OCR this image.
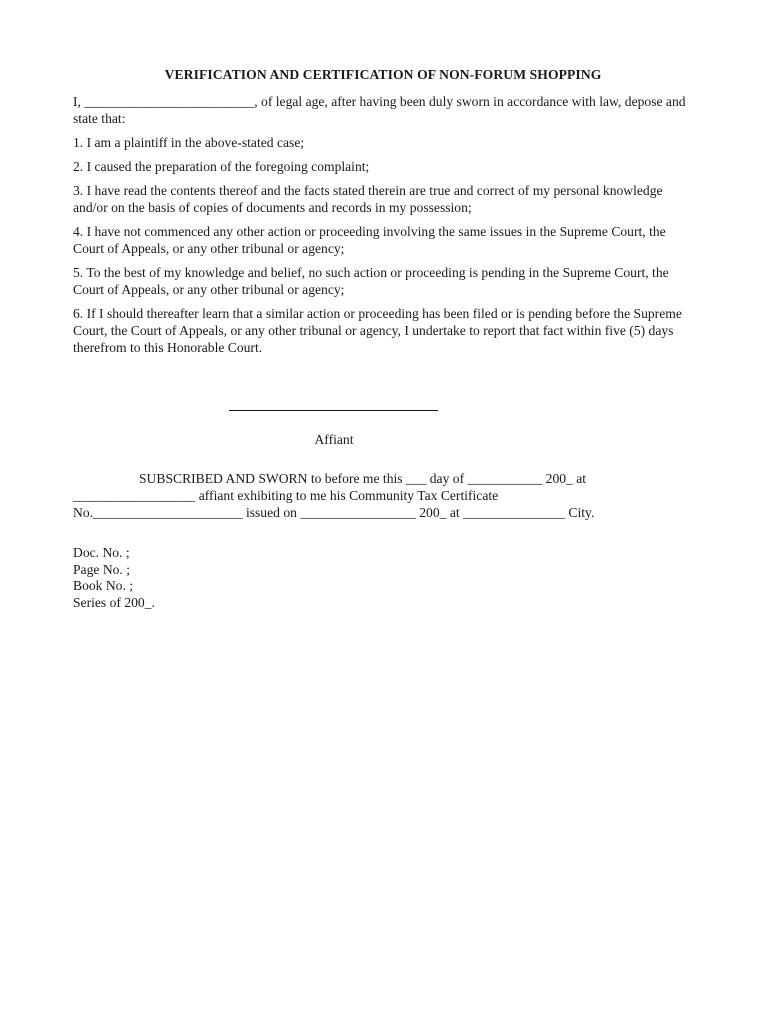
VERIFICATION AND CERTIFICATION OF NON-FORUM SHOPPING
I, _________________________, of legal age, after having been duly sworn in accordance with law, depose and state that:
1. I am a plaintiff in the above-stated case;
2. I caused the preparation of the foregoing complaint;
3. I have read the contents thereof and the facts stated therein are true and correct of my personal knowledge and/or on the basis of copies of documents and records in my possession;
4. I have not commenced any other action or proceeding involving the same issues in the Supreme Court, the Court of Appeals, or any other tribunal or agency;
5. To the best of my knowledge and belief, no such action or proceeding is pending in the Supreme Court, the Court of Appeals, or any other tribunal or agency;
6. If I should thereafter learn that a similar action or proceeding has been filed or is pending before the Supreme Court, the Court of Appeals, or any other tribunal or agency, I undertake to report that fact within five (5) days therefrom to this Honorable Court.
Affiant
SUBSCRIBED AND SWORN to before me this ___ day of ___________ 200_ at
__________________ affiant exhibiting to me his Community Tax Certificate
No.______________________ issued on _________________ 200_ at _______________ City.
Doc. No. ;
Page No. ;
Book No. ;
Series of 200_.
